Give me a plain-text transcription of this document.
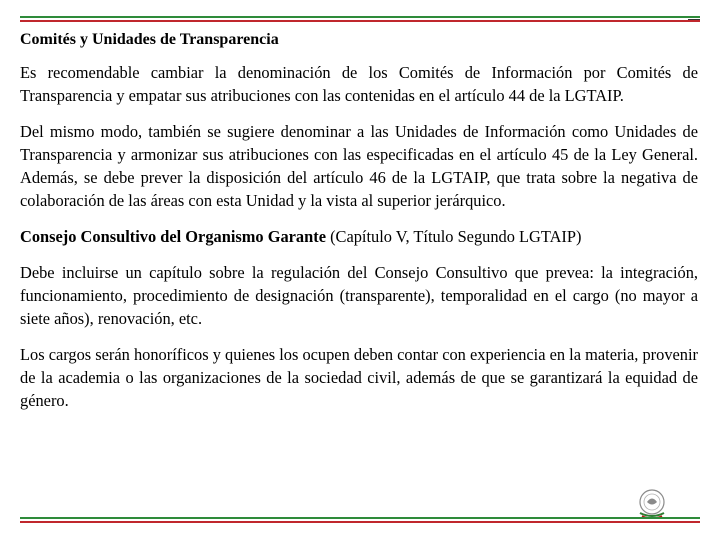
Comités y Unidades de Transparencia

Es recomendable cambiar la denominación de los Comités de Información por Comités de Transparencia y empatar sus atribuciones con las contenidas en el artículo 44 de la LGTAIP.

Del mismo modo, también se sugiere denominar a las Unidades de Información como Unidades de Transparencia y armonizar sus atribuciones con las especificadas en el artículo 45 de la Ley General. Además, se debe prever la disposición del artículo 46 de la LGTAIP, que trata sobre la negativa de colaboración de las áreas con esta Unidad y la vista al superior jerárquico.

Consejo Consultivo del Organismo Garante (Capítulo V, Título Segundo LGTAIP)

Debe incluirse un capítulo sobre la regulación del Consejo Consultivo que prevea: la integración, funcionamiento, procedimiento de designación (transparente), temporalidad en el cargo (no mayor a siete años), renovación, etc.

Los cargos serán honoríficos y quienes los ocupen deben contar con experiencia en la materia, provenir de la academia o las organizaciones de la sociedad civil, además de que se garantizará la equidad de género.
